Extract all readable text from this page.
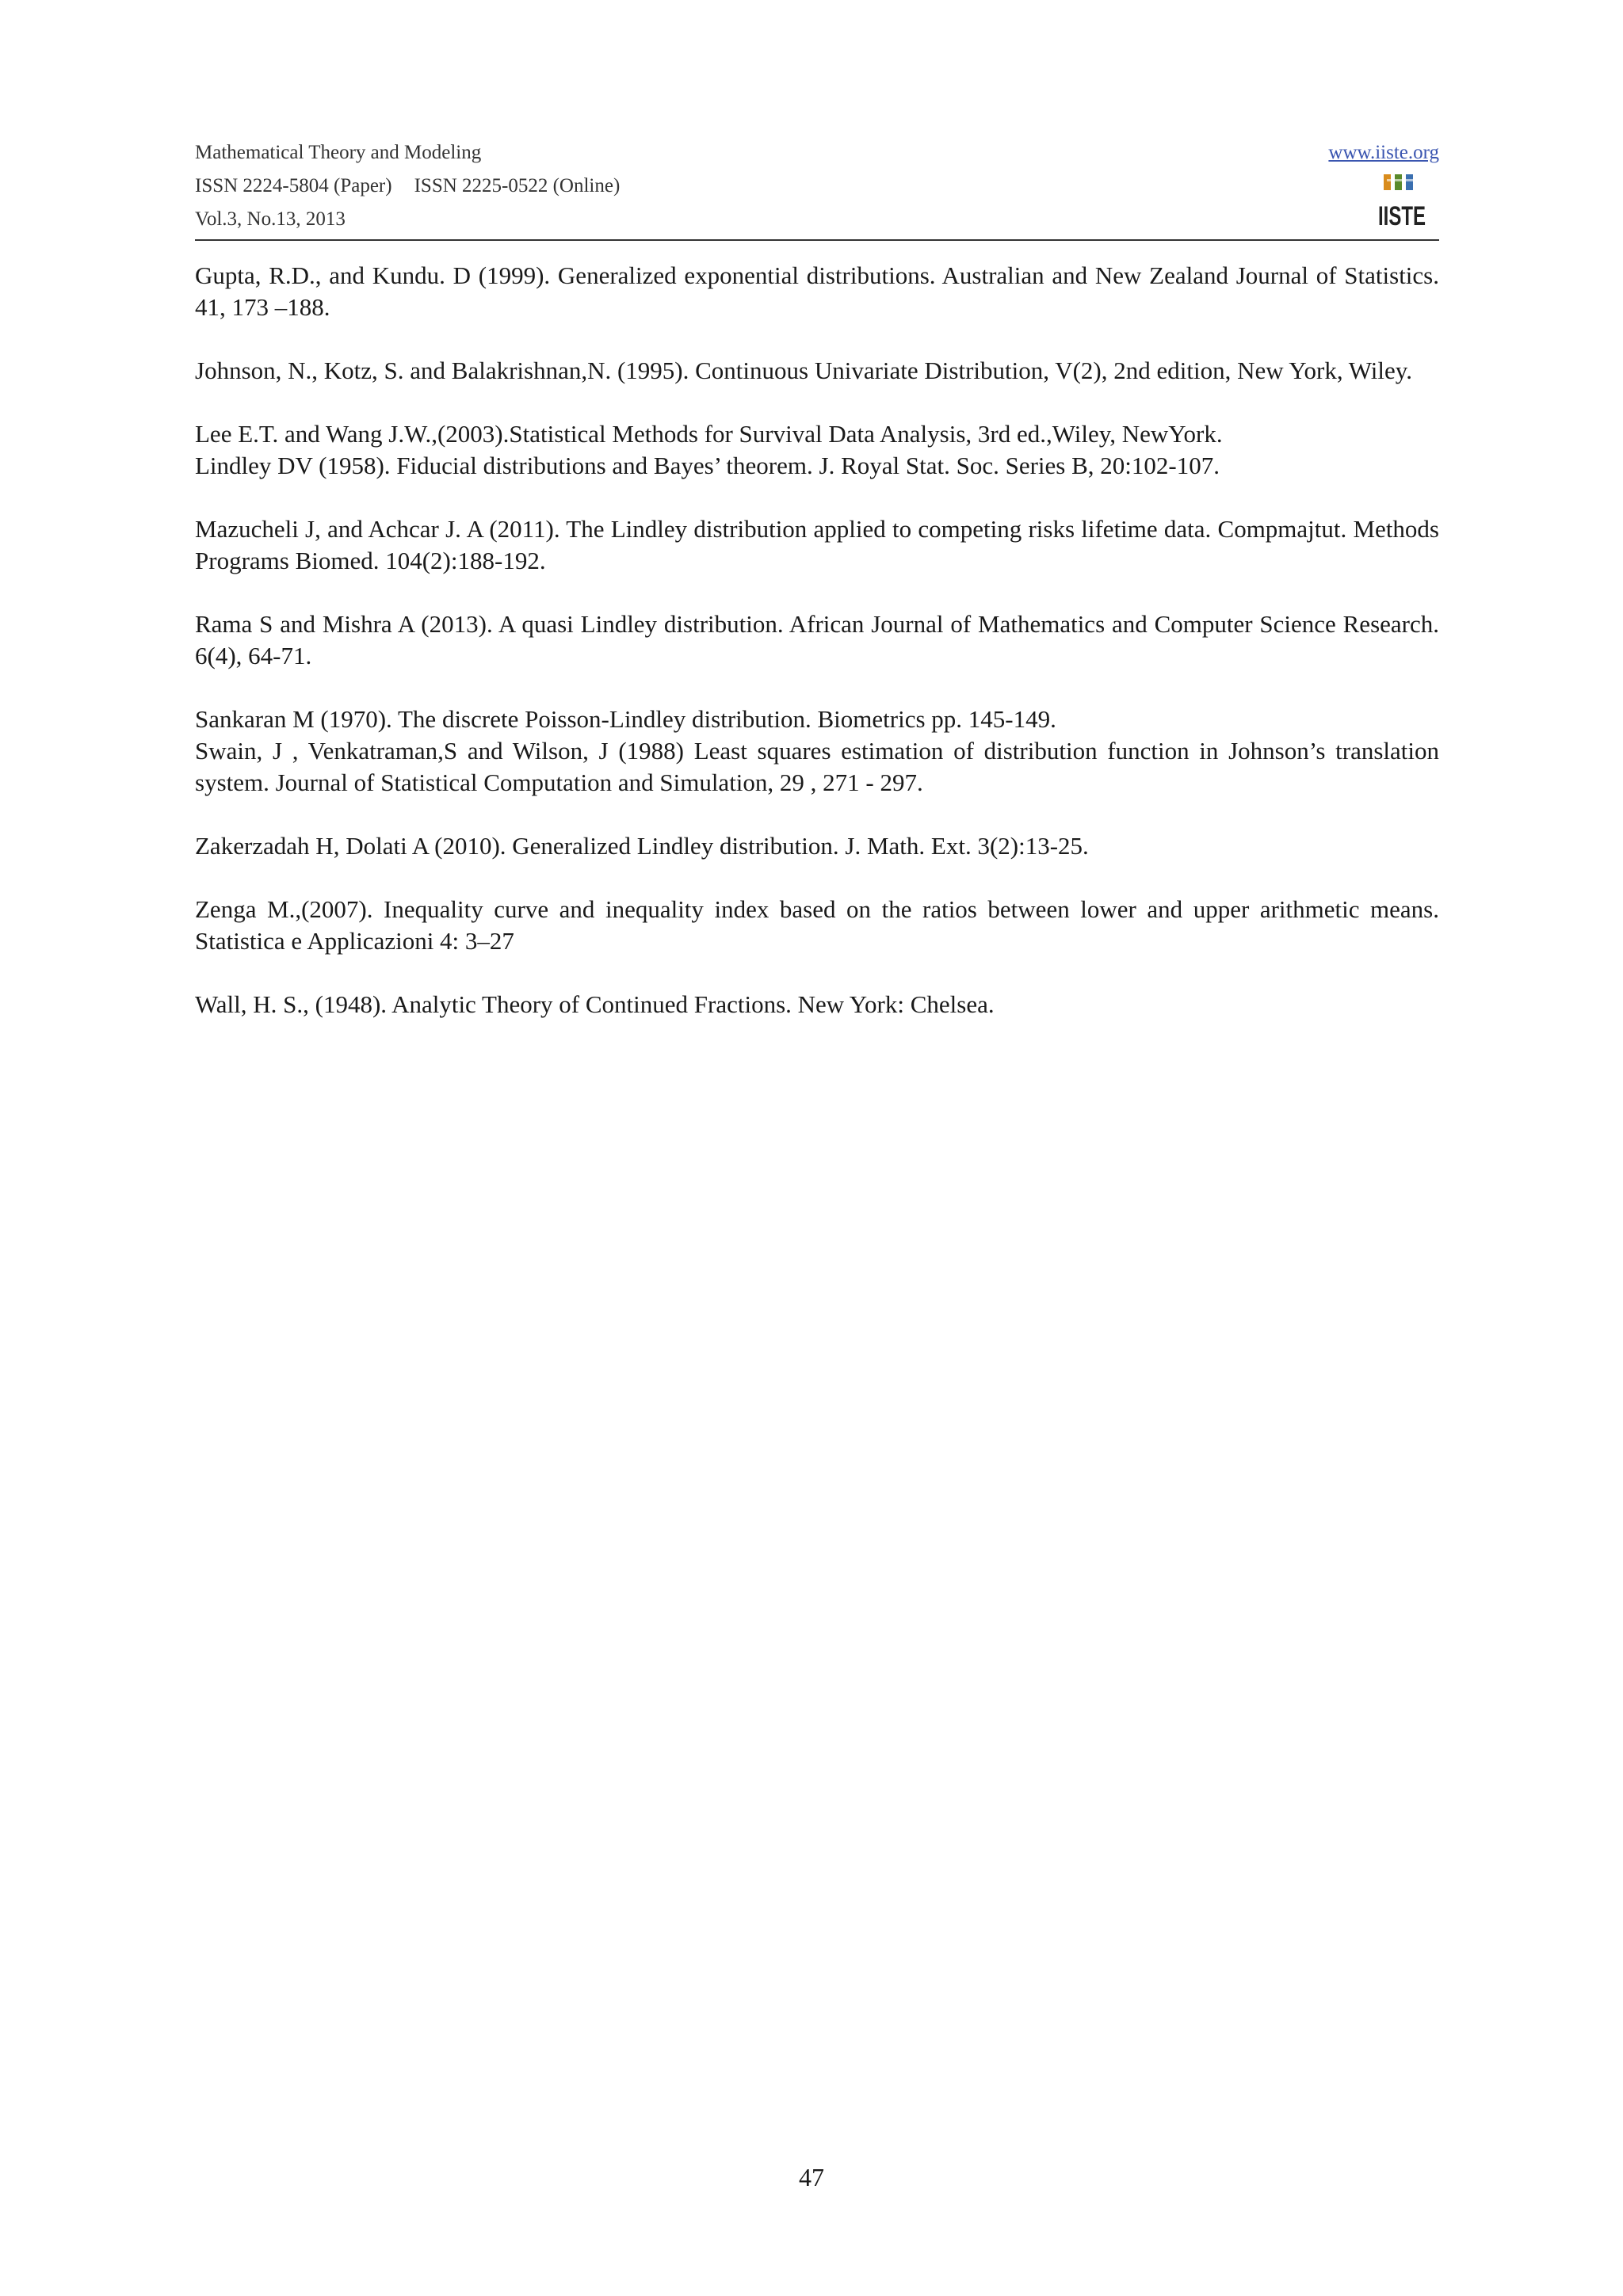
Mathematical Theory and Modeling
ISSN 2224-5804 (Paper) ISSN 2225-0522 (Online)
Vol.3, No.13, 2013
www.iiste.org
IISTE

Gupta, R.D., and Kundu. D (1999). Generalized exponential distributions. Australian and New Zealand Journal of Statistics. 41, 173 –188.

Johnson, N., Kotz, S. and Balakrishnan,N. (1995). Continuous Univariate Distribution, V(2), 2nd edition, New York, Wiley.

Lee E.T. and Wang J.W.,(2003).Statistical Methods for Survival Data Analysis, 3rd ed.,Wiley, NewYork.

Lindley DV (1958). Fiducial distributions and Bayes’ theorem. J. Royal Stat. Soc. Series B, 20:102-107.

Mazucheli J, and Achcar J. A (2011). The Lindley distribution applied to competing risks lifetime data. Compmajtut. Methods Programs Biomed. 104(2):188-192.

Rama S and Mishra A (2013). A quasi Lindley distribution. African Journal of Mathematics and Computer Science Research. 6(4), 64-71.

Sankaran M (1970). The discrete Poisson-Lindley distribution. Biometrics pp. 145-149.

Swain, J , Venkatraman,S and Wilson, J (1988) Least squares estimation of distribution function in Johnson’s translation system. Journal of Statistical Computation and Simulation, 29 , 271 - 297.

Zakerzadah H, Dolati A (2010). Generalized Lindley distribution. J. Math. Ext. 3(2):13-25.

Zenga M.,(2007). Inequality curve and inequality index based on the ratios between lower and upper arithmetic means. Statistica e Applicazioni 4: 3–27

Wall, H. S., (1948). Analytic Theory of Continued Fractions. New York: Chelsea.

47
